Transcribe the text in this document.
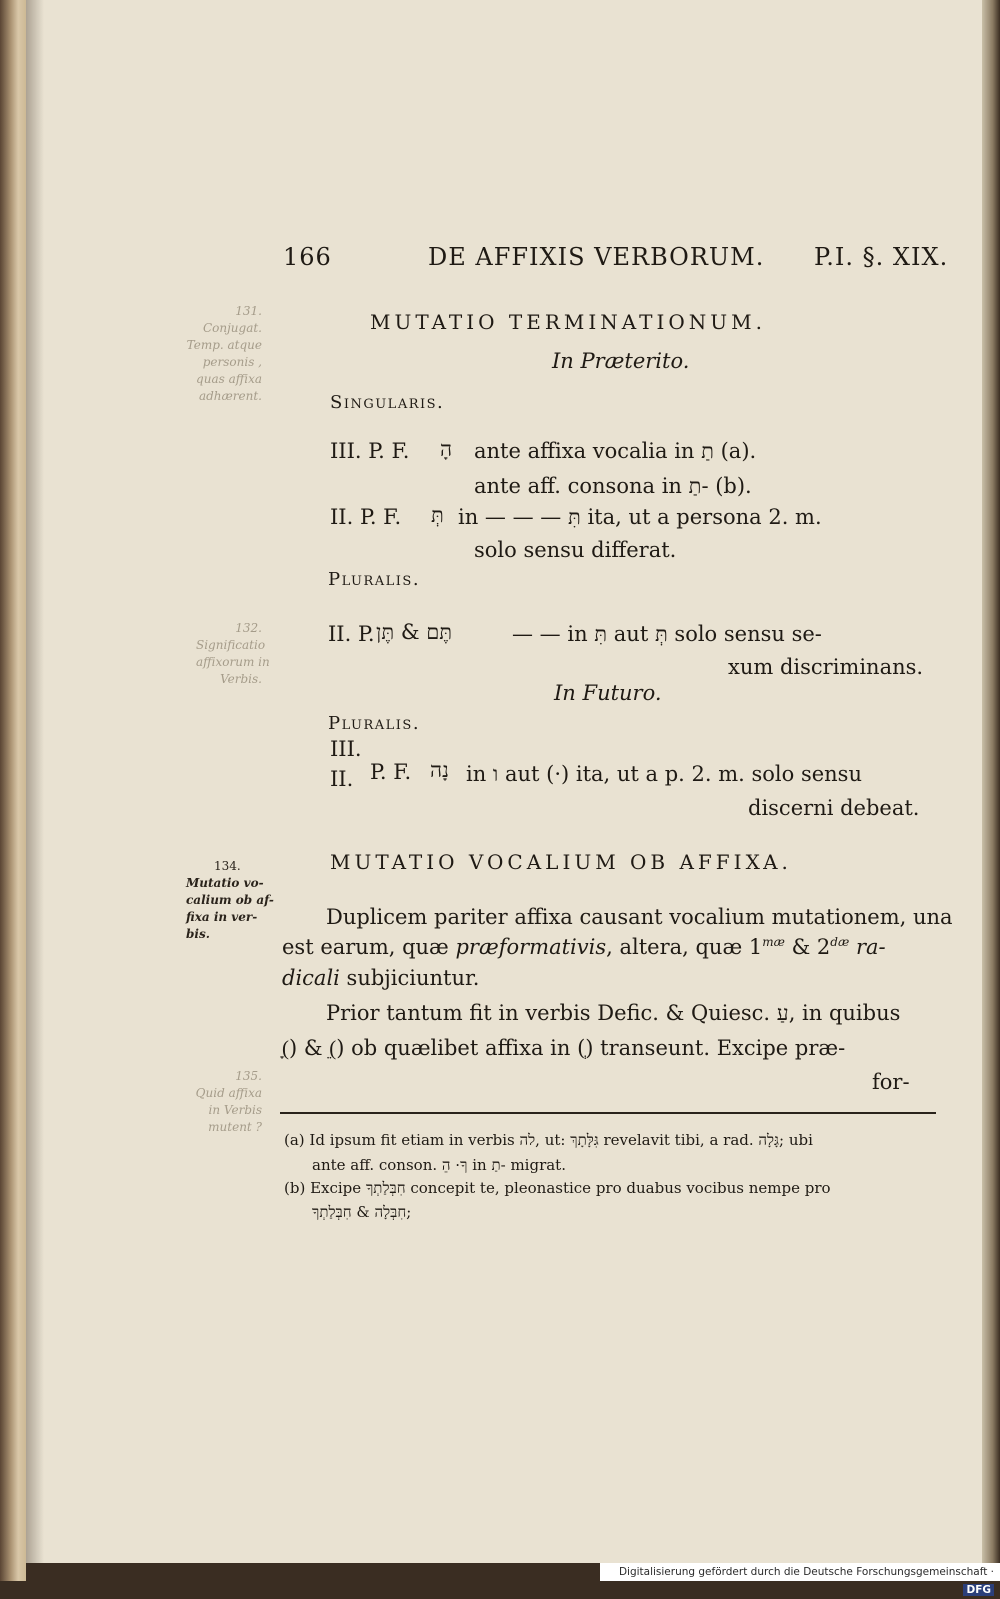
166	DE AFFIXIS VERBORUM. P.I. §. XIX.
MUTATIO TERMINATIONUM.
In Præterito.
Singularis.
III. P. F. הָ ante affixa vocalia in תַ (a).
ante aff. consona in תַ- (b).
II. P. F. תְּ in — — — תִּ ita, ut a persona 2. m.
solo sensu differat.
Pluralis.
II. P. תֶּם & תֶּן	— — in תִּ aut תְּ solo sensu se-
xum discriminans.
In Futuro.
Pluralis.
III.
II. P. F. נָה in ו aut (·) ita, ut a p. 2. m. solo sensu
discerni debeat.
MUTATIO VOCALIUM OB AFFIXA.
Duplicem pariter affixa causant vocalium mutationem, una
est earum, quæ præformativis, altera, quæ $1^{mæ}$ & $2^{dæ}$ ra-
dicali subjiciuntur.
Prior tantum fit in verbis Defic. & Quiesc. עַ, in quibus
(ָ) & (ֵ) ob quælibet affixa in (ְ) transeunt. Excipe præ-
for-
131.
Conjugat.
Temp. atque
personis ,
quas affixa
adhærent.
132.
Significatio
affixorum in
Verbis.
134.
Mutatio vo-
calium ob af-
fixa in ver-
bis.
135.
Quid affixa
in Verbis
mutent ?
(a) Id ipsum fit etiam in verbis לה, ut: גִּלָּתָךְ revelavit tibi, a rad. גָּלָה; ubi
ante aff. conson. ךָ· הֵ in תַ- migrat.
(b) Excipe חִבְּלַתְךָ concepit te, pleonastice pro duabus vocibus nempe pro
חִבְּלָה & חִבְּלַתְךָ;
Digitalisierung gefördert durch die Deutsche Forschungsgemeinschaft · DFG
